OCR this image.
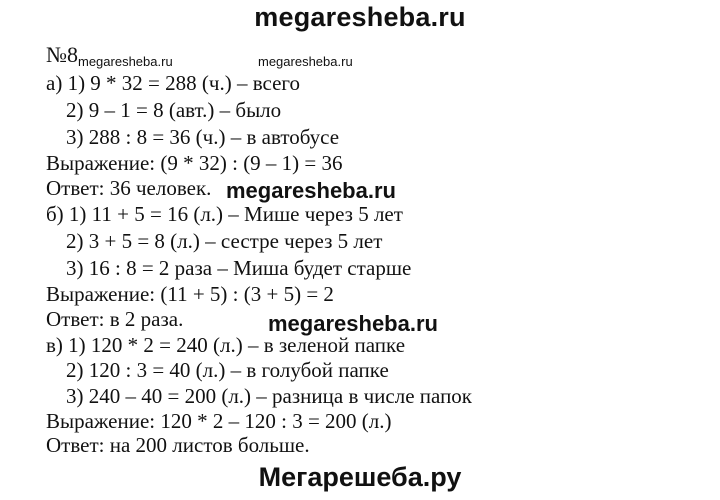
megaresheba.ru
№8 megaresheba.ru	megaresheba.ru
а) 1) 9 * 32 = 288 (ч.) – всего
2) 9 – 1 = 8 (авт.) – было
3) 288 : 8 = 36 (ч.) – в автобусе
Выражение: (9 * 32) : (9 – 1) = 36
Ответ: 36 человек. megaresheba.ru
б) 1) 11 + 5 = 16 (л.) – Мише через 5 лет
2) 3 + 5 = 8 (л.) – сестре через 5 лет
3) 16 : 8 = 2 раза – Миша будет старше
Выражение: (11 + 5) : (3 + 5) = 2
Ответ: в 2 раза.	megaresheba.ru
в) 1) 120 * 2 = 240 (л.) – в зеленой папке
2) 120 : 3 = 40 (л.) – в голубой папке
3) 240 – 40 = 200 (л.) – разница в числе папок
Выражение: 120 * 2 – 120 : 3 = 200 (л.)
Ответ: на 200 листов больше.
Мегарешеба.ру
